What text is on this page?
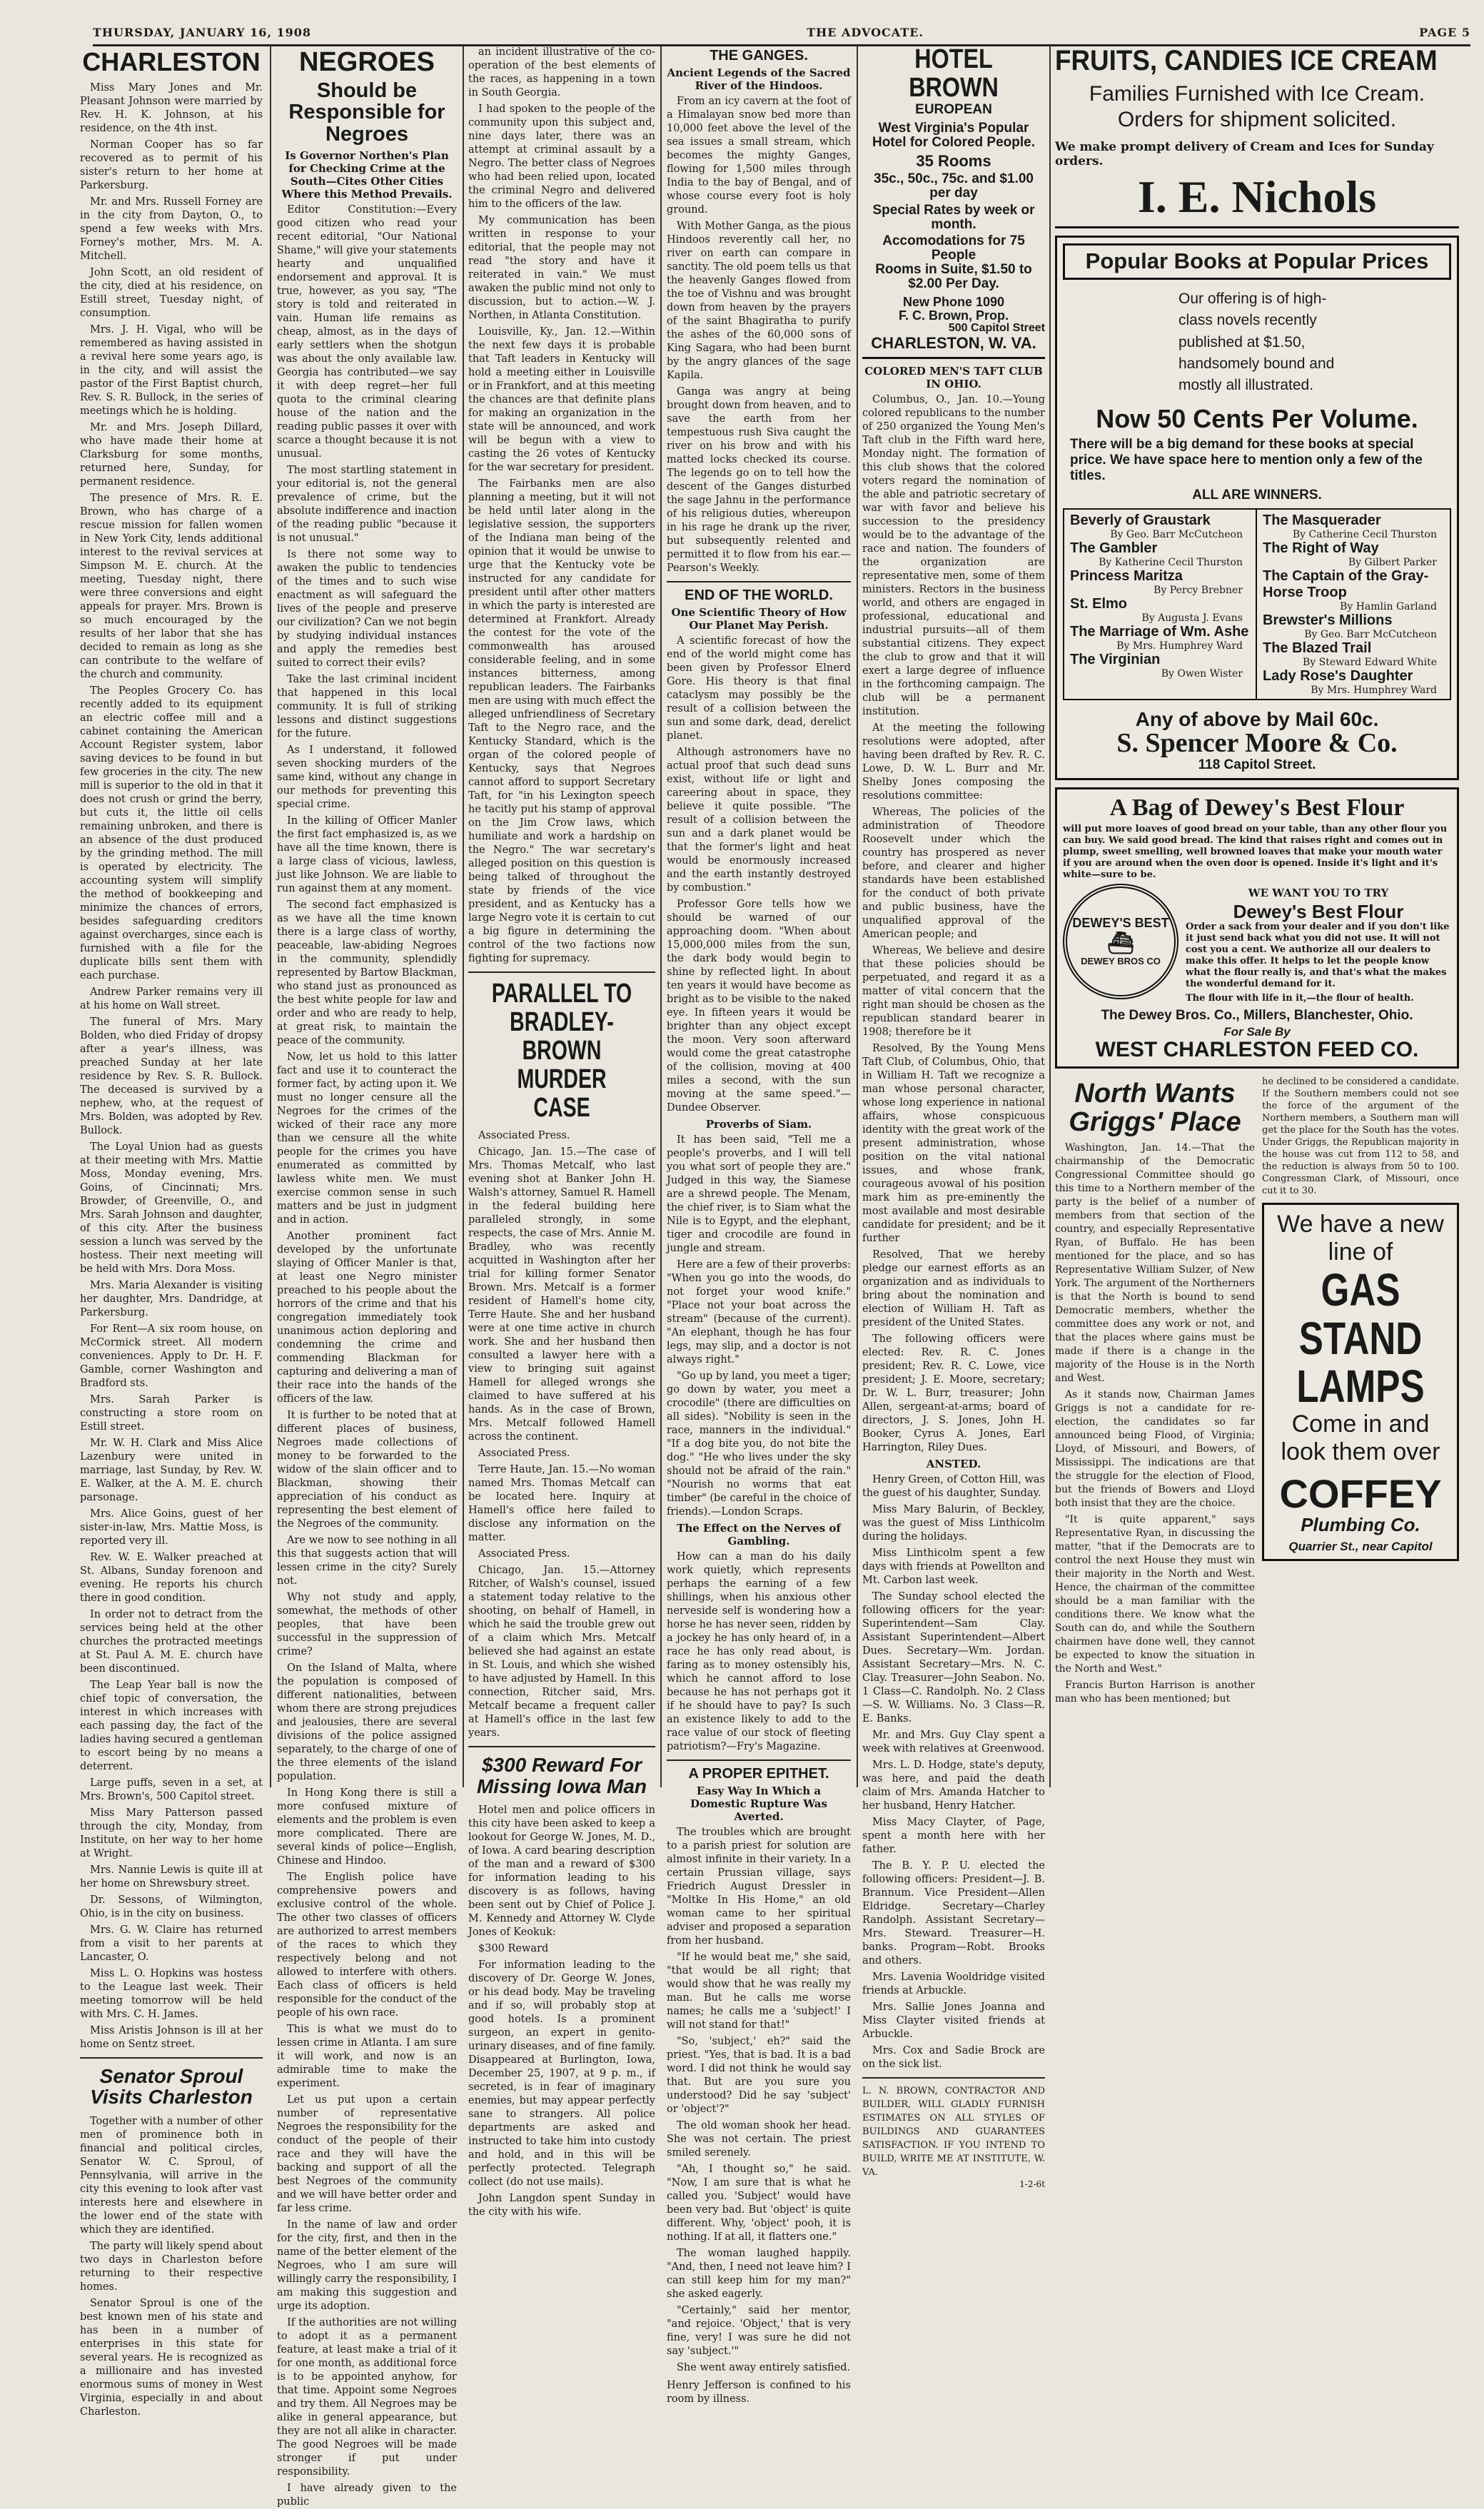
THURSDAY, JANUARY 16, 1908	THE ADVOCATE.	PAGE 5
CHARLESTON

Miss Mary Jones and Mr. Pleasant Johnson were married by Rev. H. K. Johnson, at his residence, on the 4th inst.

Norman Cooper has so far recovered as to permit of his sister's return to her home at Parkersburg.

Mr. and Mrs. Russell Forney are in the city from Dayton, O., to spend a few weeks with Mrs. Forney's mother, Mrs. M. A. Mitchell.

John Scott, an old resident of the city, died at his residence, on Estill street, Tuesday night, of consumption.

Mrs. J. H. Vigal, who will be remembered as having assisted in a revival here some years ago, is in the city, and will assist the pastor of the First Baptist church, Rev. S. R. Bullock, in the series of meetings which he is holding.

Mr. and Mrs. Joseph Dillard, who have made their home at Clarksburg for some months, returned here, Sunday, for permanent residence.

The presence of Mrs. R. E. Brown, who has charge of a rescue mission for fallen women in New York City, lends additional interest to the revival services at Simpson M. E. church. At the meeting, Tuesday night, there were three conversions and eight appeals for prayer. Mrs. Brown is so much encouraged by the results of her labor that she has decided to remain as long as she can contribute to the welfare of the church and community.

The Peoples Grocery Co. has recently added to its equipment an electric coffee mill and a cabinet containing the American Account Register system, labor saving devices to be found in but few groceries in the city. The new mill is superior to the old in that it does not crush or grind the berry, but cuts it, the little oil cells remaining unbroken, and there is an absence of the dust produced by the grinding method. The mill is operated by electricity. The accounting system will simplify the method of bookkeeping and minimize the chances of errors, besides safeguarding creditors against overcharges, since each is furnished with a file for the duplicate bills sent them with each purchase.

Andrew Parker remains very ill at his home on Wall street.

The funeral of Mrs. Mary Bolden, who died Friday of dropsy after a year's illness, was preached Sunday at her late residence by Rev. S. R. Bullock. The deceased is survived by a nephew, who, at the request of Mrs. Bolden, was adopted by Rev. Bullock.

The Loyal Union had as guests at their meeting with Mrs. Mattie Moss, Monday evening, Mrs. Goins, of Cincinnati; Mrs. Browder, of Greenville, O., and Mrs. Sarah Johnson and daughter, of this city. After the business session a lunch was served by the hostess. Their next meeting will be held with Mrs. Dora Moss.

Mrs. Maria Alexander is visiting her daughter, Mrs. Dandridge, at Parkersburg.

For Rent—A six room house, on McCormick street. All modern conveniences. Apply to Dr. H. F. Gamble, corner Washington and Bradford sts.

Mrs. Sarah Parker is constructing a store room on Estill street.

Mr. W. H. Clark and Miss Alice Lazenbury were united in marriage, last Sunday, by Rev. W. E. Walker, at the A. M. E. church parsonage.

Mrs. Alice Goins, guest of her sister-in-law, Mrs. Mattie Moss, is reported very ill.

Rev. W. E. Walker preached at St. Albans, Sunday forenoon and evening. He reports his church there in good condition.

In order not to detract from the services being held at the other churches the protracted meetings at St. Paul A. M. E. church have been discontinued.

The Leap Year ball is now the chief topic of conversation, the interest in which increases with each passing day, the fact of the ladies having secured a gentleman to escort being by no means a deterrent.

Large puffs, seven in a set, at Mrs. Brown's, 500 Capitol street.

Miss Mary Patterson passed through the city, Monday, from Institute, on her way to her home at Wright.

Mrs. Nannie Lewis is quite ill at her home on Shrewsbury street.

Dr. Sessons, of Wilmington, Ohio, is in the city on business.

Mrs. G. W. Claire has returned from a visit to her parents at Lancaster, O.

Miss L. O. Hopkins was hostess to the League last week. Their meeting tomorrow will be held with Mrs. C. H. James.

Miss Aristis Johnson is ill at her home on Sentz street.

Senator Sproul Visits Charleston

Together with a number of other men of prominence both in financial and political circles, Senator W. C. Sproul, of Pennsylvania, will arrive in the city this evening to look after vast interests here and elsewhere in the lower end of the state with which they are identified.

The party will likely spend about two days in Charleston before returning to their respective homes.

Senator Sproul is one of the best known men of his state and has been in a number of enterprises in this state for several years. He is recognized as a millionaire and has invested enormous sums of money in West Virginia, especially in and about Charleston.

NEGROES
Should be Responsible for Negroes
Is Governor Northen's Plan for Checking Crime at the South—Cites Other Cities Where this Method Prevails.

Editor Constitution:—Every good citizen who read your recent editorial, "Our National Shame," will give your statements hearty and unqualified endorsement and approval. It is true, however, as you say, "The story is told and reiterated in vain. Human life remains as cheap, almost, as in the days of early settlers when the shotgun was about the only available law. Georgia has contributed—we say it with deep regret—her full quota to the criminal clearing house of the nation and the reading public passes it over with scarce a thought because it is not unusual.

The most startling statement in your editorial is, not the general prevalence of crime, but the absolute indifference and inaction of the reading public "because it is not unusual."

Is there not some way to awaken the public to tendencies of the times and to such wise enactment as will safeguard the lives of the people and preserve our civilization? Can we not begin by studying individual instances and apply the remedies best suited to correct their evils?

Take the last criminal incident that happened in this local community. It is full of striking lessons and distinct suggestions for the future.

As I understand, it followed seven shocking murders of the same kind, without any change in our methods for preventing this special crime.

In the killing of Officer Manler the first fact emphasized is, as we have all the time known, there is a large class of vicious, lawless, just like Johnson. We are liable to run against them at any moment.

The second fact emphasized is as we have all the time known there is a large class of worthy, peaceable, law-abiding Negroes in the community, splendidly represented by Bartow Blackman, who stand just as pronounced as the best white people for law and order and who are ready to help, at great risk, to maintain the peace of the community.

Now, let us hold to this latter fact and use it to counteract the former fact, by acting upon it. We must no longer censure all the Negroes for the crimes of the wicked of their race any more than we censure all the white people for the crimes you have enumerated as committed by lawless white men. We must exercise common sense in such matters and be just in judgment and in action.

Another prominent fact developed by the unfortunate slaying of Officer Manler is that, at least one Negro minister preached to his people about the horrors of the crime and that his congregation immediately took unanimous action deploring and condemning the crime and commending Blackman for capturing and delivering a man of their race into the hands of the officers of the law.

It is further to be noted that at different places of business, Negroes made collections of money to be forwarded to the widow of the slain officer and to Blackman, showing their appreciation of his conduct as representing the best element of the Negroes of the community.

Are we now to see nothing in all this that suggests action that will lessen crime in the city? Surely not.

Why not study and apply, somewhat, the methods of other peoples, that have been successful in the suppression of crime?

On the Island of Malta, where the population is composed of different nationalities, between whom there are strong prejudices and jealousies, there are several divisions of the police assigned separately, to the charge of one of the three elements of the island population.

In Hong Kong there is still a more confused mixture of elements and the problem is even more complicated. There are several kinds of police—English, Chinese and Hindoo.

The English police have comprehensive powers and exclusive control of the whole. The other two classes of officers are authorized to arrest members of the races to which they respectively belong and not allowed to interfere with others. Each class of officers is held responsible for the conduct of the people of his own race.

This is what we must do to lessen crime in Atlanta. I am sure it will work, and now is an admirable time to make the experiment.

Let us put upon a certain number of representative Negroes the responsibility for the conduct of the people of their race and they will have the backing and support of all the best Negroes of the community and we will have better order and far less crime.

In the name of law and order for the city, first, and then in the name of the better element of the Negroes, who I am sure will willingly carry the responsibility, I am making this suggestion and urge its adoption.

If the authorities are not willing to adopt it as a permanent feature, at least make a trial of it for one month, as additional force is to be appointed anyhow, for that time. Appoint some Negroes and try them. All Negroes may be alike in general appearance, but they are not all alike in character. The good Negroes will be made stronger if put under responsibility.

I have already given to the public

an incident illustrative of the co-operation of the best elements of the races, as happening in a town in South Georgia.

I had spoken to the people of the community upon this subject and, nine days later, there was an attempt at criminal assault by a Negro. The better class of Negroes who had been relied upon, located the criminal Negro and delivered him to the officers of the law.

My communication has been written in response to your editorial, that the people may not read "the story and have it reiterated in vain." We must awaken the public mind not only to discussion, but to action.—W. J. Northen, in Atlanta Constitution.

Louisville, Ky., Jan. 12.—Within the next few days it is probable that Taft leaders in Kentucky will hold a meeting either in Louisville or in Frankfort, and at this meeting the chances are that definite plans for making an organization in the state will be announced, and work will be begun with a view to casting the 26 votes of Kentucky for the war secretary for president.

The Fairbanks men are also planning a meeting, but it will not be held until later along in the legislative session, the supporters of the Indiana man being of the opinion that it would be unwise to urge that the Kentucky vote be instructed for any candidate for president until after other matters in which the party is interested are determined at Frankfort. Already the contest for the vote of the commonwealth has aroused considerable feeling, and in some instances bitterness, among republican leaders. The Fairbanks men are using with much effect the alleged unfriendliness of Secretary Taft to the Negro race, and the Kentucky Standard, which is the organ of the colored people of Kentucky, says that Negroes cannot afford to support Secretary Taft, for "in his Lexington speech he tacitly put his stamp of approval on the Jim Crow laws, which humiliate and work a hardship on the Negro." The war secretary's alleged position on this question is being talked of throughout the state by friends of the vice president, and as Kentucky has a large Negro vote it is certain to cut a big figure in determining the control of the two factions now fighting for supremacy.

PARALLEL TO BRADLEY-BROWN MURDER CASE

Associated Press.

Chicago, Jan. 15.—The case of Mrs. Thomas Metcalf, who last evening shot at Banker John H. Walsh's attorney, Samuel R. Hamell in the federal building here paralleled strongly, in some respects, the case of Mrs. Annie M. Bradley, who was recently acquitted in Washington after her trial for killing former Senator Brown. Mrs. Metcalf is a former resident of Hamell's home city, Terre Haute. She and her husband were at one time active in church work. She and her husband then consulted a lawyer here with a view to bringing suit against Hamell for alleged wrongs she claimed to have suffered at his hands. As in the case of Brown, Mrs. Metcalf followed Hamell across the continent.

Associated Press.

Terre Haute, Jan. 15.—No woman named Mrs. Thomas Metcalf can be located here. Inquiry at Hamell's office here failed to disclose any information on the matter.

Associated Press.

Chicago, Jan. 15.—Attorney Ritcher, of Walsh's counsel, issued a statement today relative to the shooting, on behalf of Hamell, in which he said the trouble grew out of a claim which Mrs. Metcalf believed she had against an estate in St. Louis, and which she wished to have adjusted by Hamell. In this connection, Ritcher said, Mrs. Metcalf became a frequent caller at Hamell's office in the last few years.

$300 Reward For Missing Iowa Man

Hotel men and police officers in this city have been asked to keep a lookout for George W. Jones, M. D., of Iowa. A card bearing description of the man and a reward of $300 for information leading to his discovery is as follows, having been sent out by Chief of Police J. M. Kennedy and Attorney W. Clyde Jones of Keokuk:

$300 Reward

For information leading to the discovery of Dr. George W. Jones, or his dead body. May be traveling and if so, will probably stop at good hotels. Is a prominent surgeon, an expert in genito-urinary diseases, and of fine family. Disappeared at Burlington, Iowa, December 25, 1907, at 9 p. m., if secreted, is in fear of imaginary enemies, but may appear perfectly sane to strangers. All police departments are asked and instructed to take him into custody and hold, and in this will be perfectly protected. Telegraph collect (do not use mails).

John Langdon spent Sunday in the city with his wife.

THE GANGES.
Ancient Legends of the Sacred River of the Hindoos.

From an icy cavern at the foot of a Himalayan snow bed more than 10,000 feet above the level of the sea issues a small stream, which becomes the mighty Ganges, flowing for 1,500 miles through India to the bay of Bengal, and of whose course every foot is holy ground.

With Mother Ganga, as the pious Hindoos reverently call her, no river on earth can compare in sanctity. The old poem tells us that the heavenly Ganges flowed from the toe of Vishnu and was brought down from heaven by the prayers of the saint Bhagiratha to purify the ashes of the 60,000 sons of King Sagara, who had been burnt by the angry glances of the sage Kapila.

Ganga was angry at being brought down from heaven, and to save the earth from her tempestuous rush Siva caught the river on his brow and with his matted locks checked its course. The legends go on to tell how the descent of the Ganges disturbed the sage Jahnu in the performance of his religious duties, whereupon in his rage he drank up the river, but subsequently relented and permitted it to flow from his ear.—Pearson's Weekly.

END OF THE WORLD.
One Scientific Theory of How Our Planet May Perish.

A scientific forecast of how the end of the world might come has been given by Professor Elnerd Gore. His theory is that final cataclysm may possibly be the result of a collision between the sun and some dark, dead, derelict planet.

Although astronomers have no actual proof that such dead suns exist, without life or light and careering about in space, they believe it quite possible. "The result of a collision between the sun and a dark planet would be that the former's light and heat would be enormously increased and the earth instantly destroyed by combustion."

Professor Gore tells how we should be warned of our approaching doom. "When about 15,000,000 miles from the sun, the dark body would begin to shine by reflected light. In about ten years it would have become as bright as to be visible to the naked eye. In fifteen years it would be brighter than any object except the moon. Very soon afterward would come the great catastrophe of the collision, moving at 400 miles a second, with the sun moving at the same speed."—Dundee Observer.

Proverbs of Siam.

It has been said, "Tell me a people's proverbs, and I will tell you what sort of people they are." Judged in this way, the Siamese are a shrewd people. The Menam, the chief river, is to Siam what the Nile is to Egypt, and the elephant, tiger and crocodile are found in jungle and stream.

Here are a few of their proverbs: "When you go into the woods, do not forget your wood knife." "Place not your boat across the stream" (because of the current). "An elephant, though he has four legs, may slip, and a doctor is not always right."

"Go up by land, you meet a tiger; go down by water, you meet a crocodile" (there are difficulties on all sides). "Nobility is seen in the race, manners in the individual." "If a dog bite you, do not bite the dog." "He who lives under the sky should not be afraid of the rain." "Nourish no worms that eat timber" (be careful in the choice of friends).—London Scraps.

The Effect on the Nerves of Gambling.

How can a man do his daily work quietly, which represents perhaps the earning of a few shillings, when his anxious other nerveside self is wondering how a horse he has never seen, ridden by a jockey he has only heard of, in a race he has only read about, is faring as to money ostensibly his, which he cannot afford to lose because he has not perhaps got it if he should have to pay? Is such an existence likely to add to the race value of our stock of fleeting patriotism?—Fry's Magazine.

A PROPER EPITHET.
Easy Way In Which a Domestic Rupture Was Averted.

The troubles which are brought to a parish priest for solution are almost infinite in their variety. In a certain Prussian village, says Friedrich August Dressler in "Moltke In His Home," an old woman came to her spiritual adviser and proposed a separation from her husband.

"If he would beat me," she said, "that would be all right; that would show that he was really my man. But he calls me worse names; he calls me a 'subject!' I will not stand for that!"

"So, 'subject,' eh?" said the priest. "Yes, that is bad. It is a bad word. I did not think he would say that. But are you sure you understood? Did he say 'subject' or 'object'?"

The old woman shook her head. She was not certain. The priest smiled serenely.

"Ah, I thought so," he said. "Now, I am sure that is what he called you. 'Subject' would have been very bad. But 'object' is quite different. Why, 'object' pooh, it is nothing. If at all, it flatters one."

The woman laughed happily. "And, then, I need not leave him? I can still keep him for my man?" she asked eagerly.

"Certainly," said her mentor, "and rejoice. 'Object,' that is very fine, very! I was sure he did not say 'subject.'"

She went away entirely satisfied.

Henry Jefferson is confined to his room by illness.
HOTEL BROWN
EUROPEAN
West Virginia's Popular Hotel for Colored People.
35 Rooms
35c., 50c., 75c. and $1.00 per day
Special Rates by week or month.
Accomodations for 75 People
Rooms in Suite, $1.50 to $2.00 Per Day.
New Phone 1090
F. C. Brown, Prop.
500 Capitol Street
CHARLESTON, W. VA.
COLORED MEN'S TAFT CLUB IN OHIO.

Columbus, O., Jan. 10.—Young colored republicans to the number of 250 organized the Young Men's Taft club in the Fifth ward here, Monday night. The formation of this club shows that the colored voters regard the nomination of the able and patriotic secretary of war with favor and believe his succession to the presidency would be to the advantage of the race and nation. The founders of the organization are representative men, some of them ministers. Rectors in the business world, and others are engaged in professional, educational and industrial pursuits—all of them substantial citizens. They expect the club to grow and that it will exert a large degree of influence in the forthcoming campaign. The club will be a permanent institution.

At the meeting the following resolutions were adopted, after having been drafted by Rev. R. C. Lowe, D. W. L. Burr and Mr. Shelby Jones composing the resolutions committee:

Whereas, The policies of the administration of Theodore Roosevelt under which the country has prospered as never before, and clearer and higher standards have been established for the conduct of both private and public business, have the unqualified approval of the American people; and

Whereas, We believe and desire that these policies should be perpetuated, and regard it as a matter of vital concern that the right man should be chosen as the republican standard bearer in 1908; therefore be it

Resolved, By the Young Mens Taft Club, of Columbus, Ohio, that in William H. Taft we recognize a man whose personal character, whose long experience in national affairs, whose conspicuous identity with the great work of the present administration, whose position on the vital national issues, and whose frank, courageous avowal of his position mark him as pre-eminently the most available and most desirable candidate for president; and be it further

Resolved, That we hereby pledge our earnest efforts as an organization and as individuals to bring about the nomination and election of William H. Taft as president of the United States.

The following officers were elected: Rev. R. C. Jones president; Rev. R. C. Lowe, vice president; J. E. Moore, secretary; Dr. W. L. Burr, treasurer; John Allen, sergeant-at-arms; board of directors, J. S. Jones, John H. Booker, Cyrus A. Jones, Earl Harrington, Riley Dues.

ANSTED.

Henry Green, of Cotton Hill, was the guest of his daughter, Sunday.

Miss Mary Balurin, of Beckley, was the guest of Miss Linthicolm during the holidays.

Miss Linthicolm spent a few days with friends at Powellton and Mt. Carbon last week.

The Sunday school elected the following officers for the year: Superintendent—Sam Clay. Assistant Superintendent—Albert Dues. Secretary—Wm. Jordan. Assistant Secretary—Mrs. N. C. Clay. Treasurer—John Seabon. No. 1 Class—C. Randolph. No. 2 Class—S. W. Williams. No. 3 Class—R. E. Banks.

Mr. and Mrs. Guy Clay spent a week with relatives at Greenwood.

Mrs. L. D. Hodge, state's deputy, was here, and paid the death claim of Mrs. Amanda Hatcher to her husband, Henry Hatcher.

Miss Macy Clayter, of Page, spent a month here with her father.

The B. Y. P. U. elected the following officers: President—J. B. Brannum. Vice President—Allen Eldridge. Secretary—Charley Randolph. Assistant Secretary—Mrs. Steward. Treasurer—H. banks. Program—Robt. Brooks and others.

Mrs. Lavenia Wooldridge visited friends at Arbuckle.

Mrs. Sallie Jones Joanna and Miss Clayter visited friends at Arbuckle.

Mrs. Cox and Sadie Brock are on the sick list.

L. N. BROWN, CONTRACTOR AND BUILDER, WILL GLADLY FURNISH ESTIMATES ON ALL STYLES OF BUILDINGS AND GUARANTEES SATISFACTION. IF YOU INTEND TO BUILD, WRITE ME AT INSTITUTE, W. VA.
1-2-6t
FRUITS, CANDIES ICE CREAM
Families Furnished with Ice Cream. Orders for shipment solicited.
We make prompt delivery of Cream and Ices for Sunday orders.
I. E. Nichols
Popular Books at Popular Prices
Our offering is of high-class novels recently published at $1.50, handsomely bound and mostly all illustrated.
Now 50 Cents Per Volume.
There will be a big demand for these books at special price. We have space here to mention only a few of the titles.
ALL ARE WINNERS.
Beverly of Graustark
By Geo. Barr McCutcheon
The Gambler
By Katherine Cecil Thurston
Princess Maritza
By Percy Brebner
St. Elmo
By Augusta J. Evans
The Marriage of Wm. Ashe
By Mrs. Humphrey Ward
The Virginian
By Owen Wister
The Masquerader
By Catherine Cecil Thurston
The Right of Way
By Gilbert Parker
The Captain of the Gray-Horse Troop
By Hamlin Garland
Brewster's Millions
By Geo. Barr McCutcheon
The Blazed Trail
By Steward Edward White
Lady Rose's Daughter
By Mrs. Humphrey Ward
Any of above by Mail 60c.
S. Spencer Moore & Co.
118 Capitol Street.
A Bag of Dewey's Best Flour
will put more loaves of good bread on your table, than any other flour you can buy. We said good bread. The kind that raises right and comes out in plump, sweet smelling, well browned loaves that make your mouth water if you are around when the oven door is opened. Inside it's light and it's white—sure to be.
DEWEY'S BEST
⛴
DEWEY BROS CO
WE WANT YOU TO TRY
Dewey's Best Flour
Order a sack from your dealer and if you don't like it just send back what you did not use. It will not cost you a cent. We authorize all our dealers to make this offer. It helps to let the people know what the flour really is, and that's what the makes the wonderful demand for it.
The flour with life in it,—the flour of health.
The Dewey Bros. Co., Millers, Blanchester, Ohio.
For Sale By
WEST CHARLESTON FEED CO.
North Wants Griggs' Place

Washington, Jan. 14.—That the chairmanship of the Democratic Congressional Committee should go this time to a Northern member of the party is the belief of a number of members from that section of the country, and especially Representative Ryan, of Buffalo. He has been mentioned for the place, and so has Representative William Sulzer, of New York. The argument of the Northerners is that the North is bound to send Democratic members, whether the committee does any work or not, and that the places where gains must be made if there is a change in the majority of the House is in the North and West.

As it stands now, Chairman James Griggs is not a candidate for re-election, the candidates so far announced being Flood, of Virginia; Lloyd, of Missouri, and Bowers, of Mississippi. The indications are that the struggle for the election of Flood, but the friends of Bowers and Lloyd both insist that they are the choice.

"It is quite apparent," says Representative Ryan, in discussing the matter, "that if the Democrats are to control the next House they must win their majority in the North and West. Hence, the chairman of the committee should be a man familiar with the conditions there. We know what the South can do, and while the Southern chairmen have done well, they cannot be expected to know the situation in the North and West."

Francis Burton Harrison is another man who has been mentioned; but

he declined to be considered a candidate. If the Southern members could not see the force of the argument of the Northern members, a Southern man will get the place for the South has the votes. Under Griggs, the Republican majority in the house was cut from 112 to 58, and the reduction is always from 50 to 100. Congressman Clark, of Missouri, once cut it to 30.
We have a new line of
GAS
STAND
LAMPS
Come in and look them over
COFFEY
Plumbing Co.
Quarrier St., near Capitol
